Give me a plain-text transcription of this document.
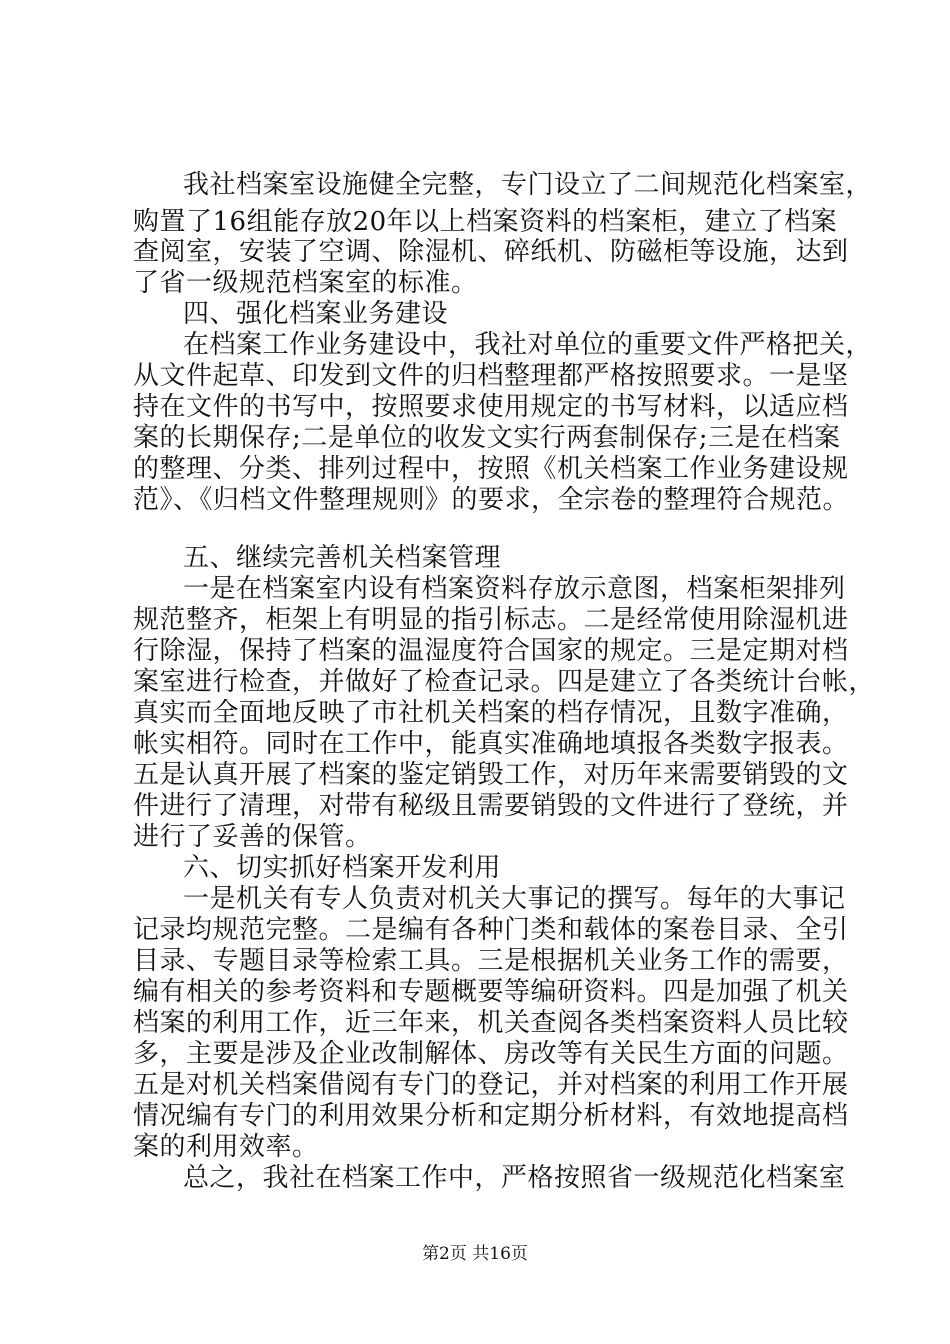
我社档案室设施健全完整，专门设立了二间规范化档案室，
购置了16组能存放20年以上档案资料的档案柜，建立了档案
查阅室，安装了空调、除湿机、碎纸机、防磁柜等设施，达到
了省一级规范档案室的标准。
四、强化档案业务建设
在档案工作业务建设中，我社对单位的重要文件严格把关，
从文件起草、印发到文件的归档整理都严格按照要求。一是坚
持在文件的书写中，按照要求使用规定的书写材料，以适应档
案的长期保存;二是单位的收发文实行两套制保存;三是在档案
的整理、分类、排列过程中，按照《机关档案工作业务建设规
范》、《归档文件整理规则》的要求，全宗卷的整理符合规范。
五、继续完善机关档案管理
一是在档案室内设有档案资料存放示意图，档案柜架排列
规范整齐，柜架上有明显的指引标志。二是经常使用除湿机进
行除湿，保持了档案的温湿度符合国家的规定。三是定期对档
案室进行检查，并做好了检查记录。四是建立了各类统计台帐，
真实而全面地反映了市社机关档案的档存情况，且数字准确，
帐实相符。同时在工作中，能真实准确地填报各类数字报表。
五是认真开展了档案的鉴定销毁工作，对历年来需要销毁的文
件进行了清理，对带有秘级且需要销毁的文件进行了登统，并
进行了妥善的保管。
六、切实抓好档案开发利用
一是机关有专人负责对机关大事记的撰写。每年的大事记
记录均规范完整。二是编有各种门类和载体的案卷目录、全引
目录、专题目录等检索工具。三是根据机关业务工作的需要，
编有相关的参考资料和专题概要等编研资料。四是加强了机关
档案的利用工作，近三年来，机关查阅各类档案资料人员比较
多，主要是涉及企业改制解体、房改等有关民生方面的问题。
五是对机关档案借阅有专门的登记，并对档案的利用工作开展
情况编有专门的利用效果分析和定期分析材料，有效地提高档
案的利用效率。
总之，我社在档案工作中，严格按照省一级规范化档案室
第2页 共16页
